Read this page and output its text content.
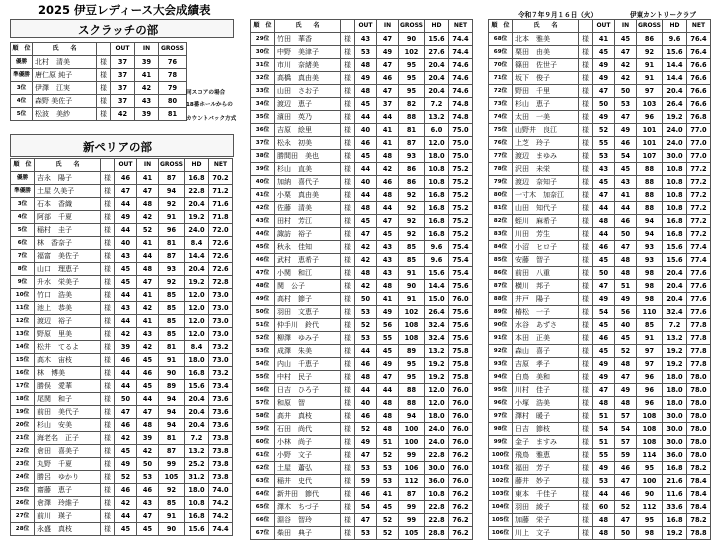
2025 伊豆レディース大会成績表	令和７年９月１６日（火）	伊東カントリークラブ
スクラッチの部
順　位	氏　　名		OUT	IN	GROSS
優勝	北村　清美	様	37	39	76
準優勝	唐仁原 純子	様	37	41	78
3位	伊澤　江実	様	37	42	79
4位	森野 美佐子	様	37	43	80
5位	松波　美紗	様	42	39	81
同スコアの場合
18番ホールからの
カウントバック方式
新ペリアの部
順　位	氏　　名		OUT	IN	GROSS	HD	NET
優勝	吉永　陽子	様	46	41	87	16.8	70.2
準優勝	土屋 久美子	様	47	47	94	22.8	71.2
3位	石本　香織	様	44	48	92	20.4	71.6
4位	阿部　千夏	様	49	42	91	19.2	71.8
5位	稲村　圭子	様	44	52	96	24.0	72.0
6位	林　香奈子	様	40	41	81	8.4	72.6
7位	福富　美佐子	様	43	44	87	14.4	72.6
8位	山口　理恵子	様	45	48	93	20.4	72.6
9位	升水　栄美子	様	45	47	92	19.2	72.8
10位	竹口　浩美	様	44	41	85	12.0	73.0
11位	池上　恭美	様	43	42	85	12.0	73.0
12位	渡辺　裕子	様	44	41	85	12.0	73.0
13位	野原　里美	様	42	43	85	12.0	73.0
14位	松井　てるよ	様	39	42	81	8.4	73.2
15位	高木　宙枝	様	46	45	91	18.0	73.0
16位	林　博美	様	44	46	90	16.8	73.2
17位	勝俣　愛華	様	44	45	89	15.6	73.4
18位	尾関　和子	様	50	44	94	20.4	73.6
19位	前田　美代子	様	47	47	94	20.4	73.6
20位	杉山　安美	様	46	48	94	20.4	73.6
21位	海老名　正子	様	42	39	81	7.2	73.8
22位	倉田　喜美子	様	45	42	87	13.2	73.8
23位	丸野　千夏	様	49	50	99	25.2	73.8
24位	勝呂　ゆかり	様	52	53	105	31.2	73.8
25位	齋藤　恵子	様	46	46	92	18.0	74.0
26位	倉澤　玲維子	様	42	43	85	10.8	74.2
27位	前川　瑛子	様	44	47	91	16.8	74.2
28位	永盛　真枝	様	45	45	90	15.6	74.4
順　位	氏　　名		OUT	IN	GROSS	HD	NET
29位	竹田　華香	様	43	47	90	15.6	74.4
30位	中野　美津子	様	53	49	102	27.6	74.4
31位	市川　奈緒美	様	48	47	95	20.4	74.6
32位	高橋　真由美	様	49	46	95	20.4	74.6
33位	山田　さお子	様	48	47	95	20.4	74.6
34位	渡辺　恵子	様	45	37	82	7.2	74.8
35位	濱田　英乃	様	44	44	88	13.2	74.8
36位	吉原　絵里	様	40	41	81	6.0	75.0
37位	松永　初美	様	46	41	87	12.0	75.0
38位	勝間田　美也	様	45	48	93	18.0	75.0
39位	杉山　直美	様	44	42	86	10.8	75.2
40位	加納　喜代子	様	40	46	86	10.8	75.2
41位	小栗　真由美	様	44	48	92	16.8	75.2
42位	佐藤　清美	様	48	44	92	16.8	75.2
43位	田村　芳江	様	45	47	92	16.8	75.2
44位	諏訪　裕子	様	47	45	92	16.8	75.2
45位	秋永　佳知	様	42	43	85	9.6	75.4
46位	武村　恵希子	様	42	43	85	9.6	75.4
47位	小関　和江	様	48	43	91	15.6	75.4
48位	関　公子	様	42	48	90	14.4	75.6
49位	高村　節子	様	50	41	91	15.0	76.0
50位	羽田　文恵子	様	53	49	102	26.4	75.6
51位	仲手川　鈴代	様	52	56	108	32.4	75.6
52位	柳澤　ゆみ子	様	53	55	108	32.4	75.6
53位	成澤　朱美	様	44	45	89	13.2	75.8
54位	内山　千恵子	様	46	49	95	19.2	75.8
55位	中村　民子	様	48	47	95	19.2	75.8
56位	日吉　ひろ子	様	44	44	88	12.0	76.0
57位	和原　智	様	40	48	88	12.0	76.0
58位	高井　真枝	様	46	48	94	18.0	76.0
59位	石田　尚代	様	52	48	100	24.0	76.0
60位	小林　尚子	様	49	51	100	24.0	76.0
61位	小野　文子	様	47	52	99	22.8	76.2
62位	土屋　蕭弘	様	53	53	106	30.0	76.0
63位	稲井　史代	様	59	53	112	36.0	76.0
64位	新井田　節代	様	46	41	87	10.8	76.2
65位	澤木　ちづ子	様	54	45	99	22.8	76.2
66位	淵谷　智玲	様	47	52	99	22.8	76.2
67位	柴田　典子	様	53	52	105	28.8	76.2
順　位	氏　　名		OUT	IN	GROSS	HD	NET
68位	北本　雅美	様	41	45	86	9.6	76.4
69位	栗田　由美	様	45	47	92	15.6	76.4
70位	篠田　佐世子	様	49	42	91	14.4	76.6
71位	坂下　俊子	様	49	42	91	14.4	76.6
72位	野田　千里	様	47	50	97	20.4	76.6
73位	杉山　恵子	様	50	53	103	26.4	76.6
74位	太田　一美	様	49	47	96	19.2	76.8
75位	山野井　良江	様	52	49	101	24.0	77.0
76位	上芝　玲子	様	55	46	101	24.0	77.0
77位	渡辺　まゆみ	様	53	54	107	30.0	77.0
78位	沢田　未栄	様	43	45	88	10.8	77.2
79位	渡辺　奈知子	様	45	43	88	10.8	77.2
80位	一寸木　加奈江	様	47	41	88	10.8	77.2
81位	山田　知代子	様	44	44	88	10.8	77.2
82位	蛭川　麻希子	様	48	46	94	16.8	77.2
83位	川田　芳生	様	44	50	94	16.8	77.2
84位	小沼　ヒロ子	様	46	47	93	15.6	77.4
85位	安藤　智子	様	45	48	93	15.6	77.4
86位	前田　八重	様	50	48	98	20.4	77.6
87位	横川　邦子	様	47	51	98	20.4	77.6
88位	井戸　陽子	様	49	49	98	20.4	77.6
89位	椿松　一子	様	54	56	110	32.4	77.6
90位	水谷　あずさ	様	45	40	85	7.2	77.8
91位	本田　正美	様	46	45	91	13.2	77.8
92位	森山　喜子	様	45	52	97	19.2	77.8
93位	吉原　孝子	様	49	48	97	19.2	77.8
94位	白鳥　美和	様	49	47	96	18.0	78.0
95位	川村　佳子	様	47	49	96	18.0	78.0
96位	小塚　浩美	様	48	48	96	18.0	78.0
97位	澤村　暖子	様	51	57	108	30.0	78.0
98位	日吉　節枝	様	54	54	108	30.0	78.0
99位	金子　ますみ	様	51	57	108	30.0	78.0
100位	飛鳥　雅恵	様	55	59	114	36.0	78.0
101位	福田　芳子	様	49	46	95	16.8	78.2
102位	藤井　妙子	様	53	47	100	21.6	78.4
103位	東本　千佳子	様	44	46	90	11.6	78.4
104位	羽田　綾子	様	60	52	112	33.6	78.4
105位	加藤　栄子	様	48	47	95	16.8	78.2
106位	川上　文子	様	48	50	98	19.2	78.8
